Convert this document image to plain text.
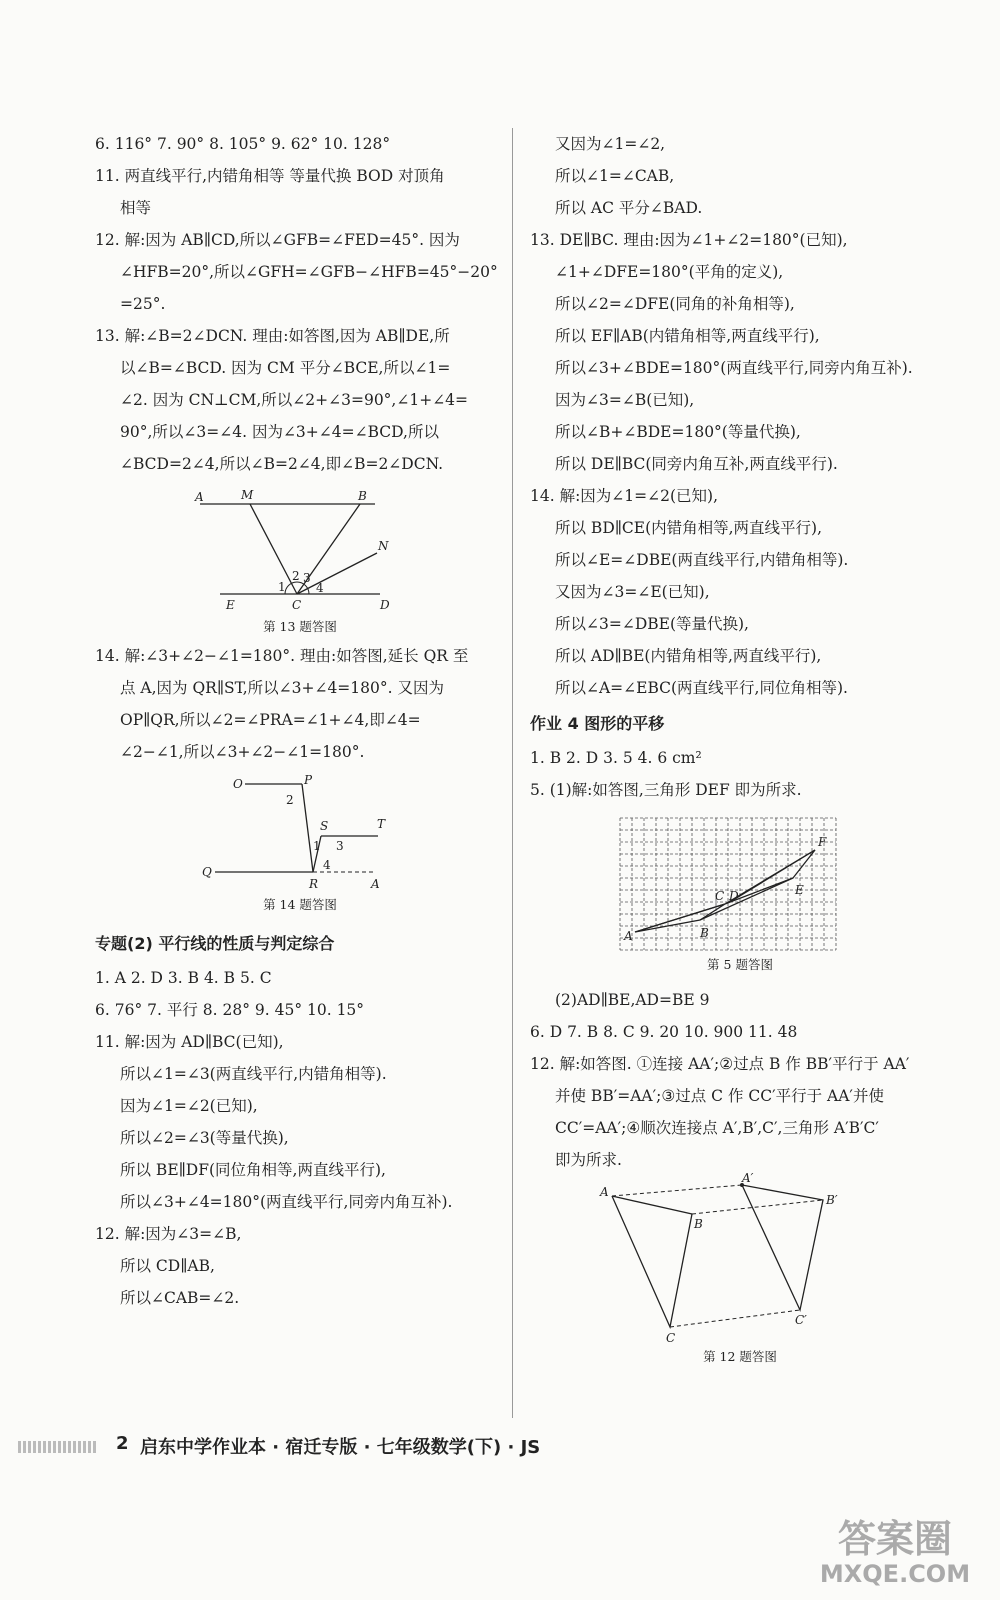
6. 116° 7. 90° 8. 105° 9. 62° 10. 128°
11. 两直线平行,内错角相等 等量代换 BOD 对顶角
相等
12. 解:因为 AB∥CD,所以∠GFB=∠FED=45°. 因为
∠HFB=20°,所以∠GFH=∠GFB−∠HFB=45°−20°
=25°.
13. 解:∠B=2∠DCN. 理由:如答图,因为 AB∥DE,所
以∠B=∠BCD. 因为 CM 平分∠BCE,所以∠1=
∠2. 因为 CN⊥CM,所以∠2+∠3=90°,∠1+∠4=
90°,所以∠3=∠4. 因为∠3+∠4=∠BCD,所以
∠BCD=2∠4,所以∠B=2∠4,即∠B=2∠DCN.
A	M	B
N
E	C	D
1
2 3
4
第 13 题答图
14. 解:∠3+∠2−∠1=180°. 理由:如答图,延长 QR 至
点 A,因为 QR∥ST,所以∠3+∠4=180°. 又因为
OP∥QR,所以∠2=∠PRA=∠1+∠4,即∠4=
∠2−∠1,所以∠3+∠2−∠1=180°.
O	P
T
S
Q
R	A
2
1 3
4
第 14 题答图
专题(2) 平行线的性质与判定综合
1. A 2. D 3. B 4. B 5. C
6. 76° 7. 平行 8. 28° 9. 45° 10. 15°
11. 解:因为 AD∥BC(已知),
所以∠1=∠3(两直线平行,内错角相等).
因为∠1=∠2(已知),
所以∠2=∠3(等量代换),
所以 BE∥DF(同位角相等,两直线平行),
所以∠3+∠4=180°(两直线平行,同旁内角互补).
12. 解:因为∠3=∠B,
所以 CD∥AB,
所以∠CAB=∠2.
又因为∠1=∠2,
所以∠1=∠CAB,
所以 AC 平分∠BAD.
13. DE∥BC. 理由:因为∠1+∠2=180°(已知),
∠1+∠DFE=180°(平角的定义),
所以∠2=∠DFE(同角的补角相等),
所以 EF∥AB(内错角相等,两直线平行),
所以∠3+∠BDE=180°(两直线平行,同旁内角互补).
因为∠3=∠B(已知),
所以∠B+∠BDE=180°(等量代换),
所以 DE∥BC(同旁内角互补,两直线平行).
14. 解:因为∠1=∠2(已知),
所以 BD∥CE(内错角相等,两直线平行),
所以∠E=∠DBE(两直线平行,内错角相等).
又因为∠3=∠E(已知),
所以∠3=∠DBE(等量代换),
所以 AD∥BE(内错角相等,两直线平行),
所以∠A=∠EBC(两直线平行,同位角相等).
作业 4 图形的平移
1. B 2. D 3. 5 4. 6 cm²
5. (1)解:如答图,三角形 DEF 即为所求.
A	B
C D	E
F
第 5 题答图
(2)AD∥BE,AD=BE 9
6. D 7. B 8. C 9. 20 10. 900 11. 48
12. 解:如答图. ①连接 AA′;②过点 B 作 BB′平行于 AA′
并使 BB′=AA′;③过点 C 作 CC′平行于 AA′并使
CC′=AA′;④顺次连接点 A′,B′,C′,三角形 A′B′C′
即为所求.
A
B
C
A′
B′
C′
第 12 题答图
2 启东中学作业本 · 宿迁专版 · 七年级数学(下) · JS
答案圈
MXQE.COM
